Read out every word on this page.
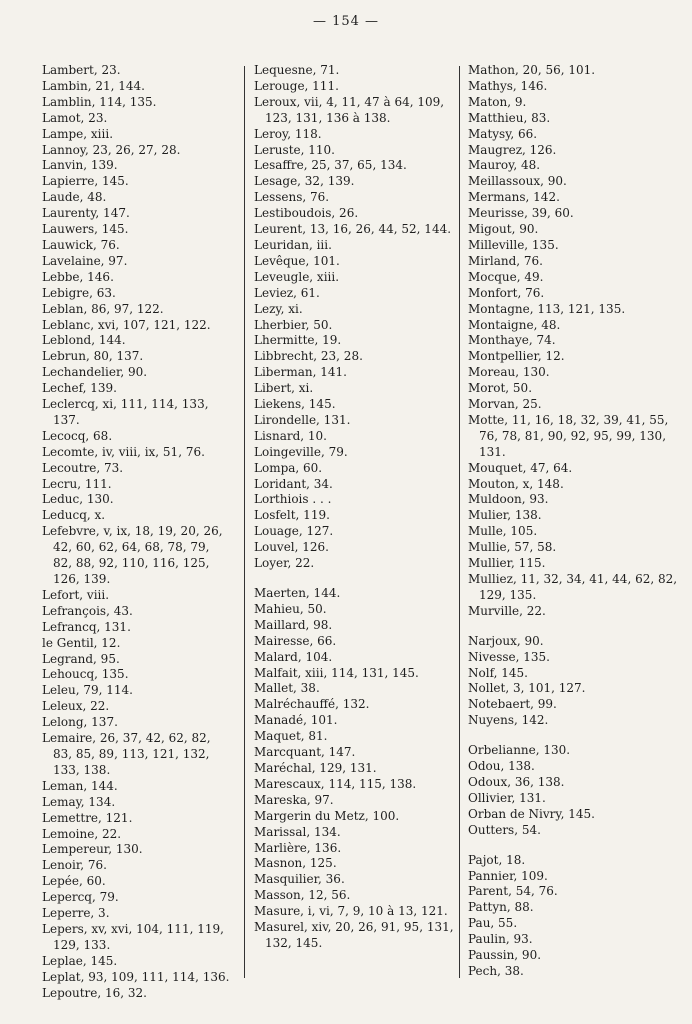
— 154 —
Lambert, 23.
Lambin, 21, 144.
Lamblin, 114, 135.
Lamot, 23.
Lampe, xiii.
Lannoy, 23, 26, 27, 28.
Lanvin, 139.
Lapierre, 145.
Laude, 48.
Laurenty, 147.
Lauwers, 145.
Lauwick, 76.
Lavelaine, 97.
Lebbe, 146.
Lebigre, 63.
Leblan, 86, 97, 122.
Leblanc, xvi, 107, 121, 122.
Leblond, 144.
Lebrun, 80, 137.
Lechandelier, 90.
Lechef, 139.
Leclercq, xi, 111, 114, 133, 137.
Lecocq, 68.
Lecomte, iv, viii, ix, 51, 76.
Lecoutre, 73.
Lecru, 111.
Leduc, 130.
Leducq, x.
Lefebvre, v, ix, 18, 19, 20, 26, 42, 60, 62, 64, 68, 78, 79, 82, 88, 92, 110, 116, 125, 126, 139.
Lefort, viii.
Lefrançois, 43.
Lefrancq, 131.
le Gentil, 12.
Legrand, 95.
Lehoucq, 135.
Leleu, 79, 114.
Leleux, 22.
Lelong, 137.
Lemaire, 26, 37, 42, 62, 82, 83, 85, 89, 113, 121, 132, 133, 138.
Leman, 144.
Lemay, 134.
Lemettre, 121.
Lemoine, 22.
Lempereur, 130.
Lenoir, 76.
Lepée, 60.
Lepercq, 79.
Leperre, 3.
Lepers, xv, xvi, 104, 111, 119, 129, 133.
Leplae, 145.
Leplat, 93, 109, 111, 114, 136.
Lepoutre, 16, 32.
Lequesne, 71.
Lerouge, 111.
Leroux, vii, 4, 11, 47 à 64, 109, 123, 131, 136 à 138.
Leroy, 118.
Leruste, 110.
Lesaffre, 25, 37, 65, 134.
Lesage, 32, 139.
Lessens, 76.
Lestiboudois, 26.
Leurent, 13, 16, 26, 44, 52, 144.
Leuridan, iii.
Levêque, 101.
Leveugle, xiii.
Leviez, 61.
Lezy, xi.
Lherbier, 50.
Lhermitte, 19.
Libbrecht, 23, 28.
Liberman, 141.
Libert, xi.
Liekens, 145.
Lirondelle, 131.
Lisnard, 10.
Loingeville, 79.
Lompa, 60.
Loridant, 34.
Lorthiois . . .
Losfelt, 119.
Louage, 127.
Louvel, 126.
Loyer, 22.
Maerten, 144.
Mahieu, 50.
Maillard, 98.
Mairesse, 66.
Malard, 104.
Malfait, xiii, 114, 131, 145.
Mallet, 38.
Malréchauffé, 132.
Manadé, 101.
Maquet, 81.
Marcquant, 147.
Maréchal, 129, 131.
Marescaux, 114, 115, 138.
Mareska, 97.
Margerin du Metz, 100.
Marissal, 134.
Marlière, 136.
Masnon, 125.
Masquilier, 36.
Masson, 12, 56.
Masure, i, vi, 7, 9, 10 à 13, 121.
Masurel, xiv, 20, 26, 91, 95, 131, 132, 145.
Mathon, 20, 56, 101.
Mathys, 146.
Maton, 9.
Matthieu, 83.
Matysy, 66.
Maugrez, 126.
Mauroy, 48.
Meillassoux, 90.
Mermans, 142.
Meurisse, 39, 60.
Migout, 90.
Milleville, 135.
Mirland, 76.
Mocque, 49.
Monfort, 76.
Montagne, 113, 121, 135.
Montaigne, 48.
Monthaye, 74.
Montpellier, 12.
Moreau, 130.
Morot, 50.
Morvan, 25.
Motte, 11, 16, 18, 32, 39, 41, 55, 76, 78, 81, 90, 92, 95, 99, 130, 131.
Mouquet, 47, 64.
Mouton, x, 148.
Muldoon, 93.
Mulier, 138.
Mulle, 105.
Mullie, 57, 58.
Mullier, 115.
Mulliez, 11, 32, 34, 41, 44, 62, 82, 129, 135.
Murville, 22.
Narjoux, 90.
Nivesse, 135.
Nolf, 145.
Nollet, 3, 101, 127.
Notebaert, 99.
Nuyens, 142.
Orbelianne, 130.
Odou, 138.
Odoux, 36, 138.
Ollivier, 131.
Orban de Nivry, 145.
Outters, 54.
Pajot, 18.
Pannier, 109.
Parent, 54, 76.
Pattyn, 88.
Pau, 55.
Paulin, 93.
Paussin, 90.
Pech, 38.
